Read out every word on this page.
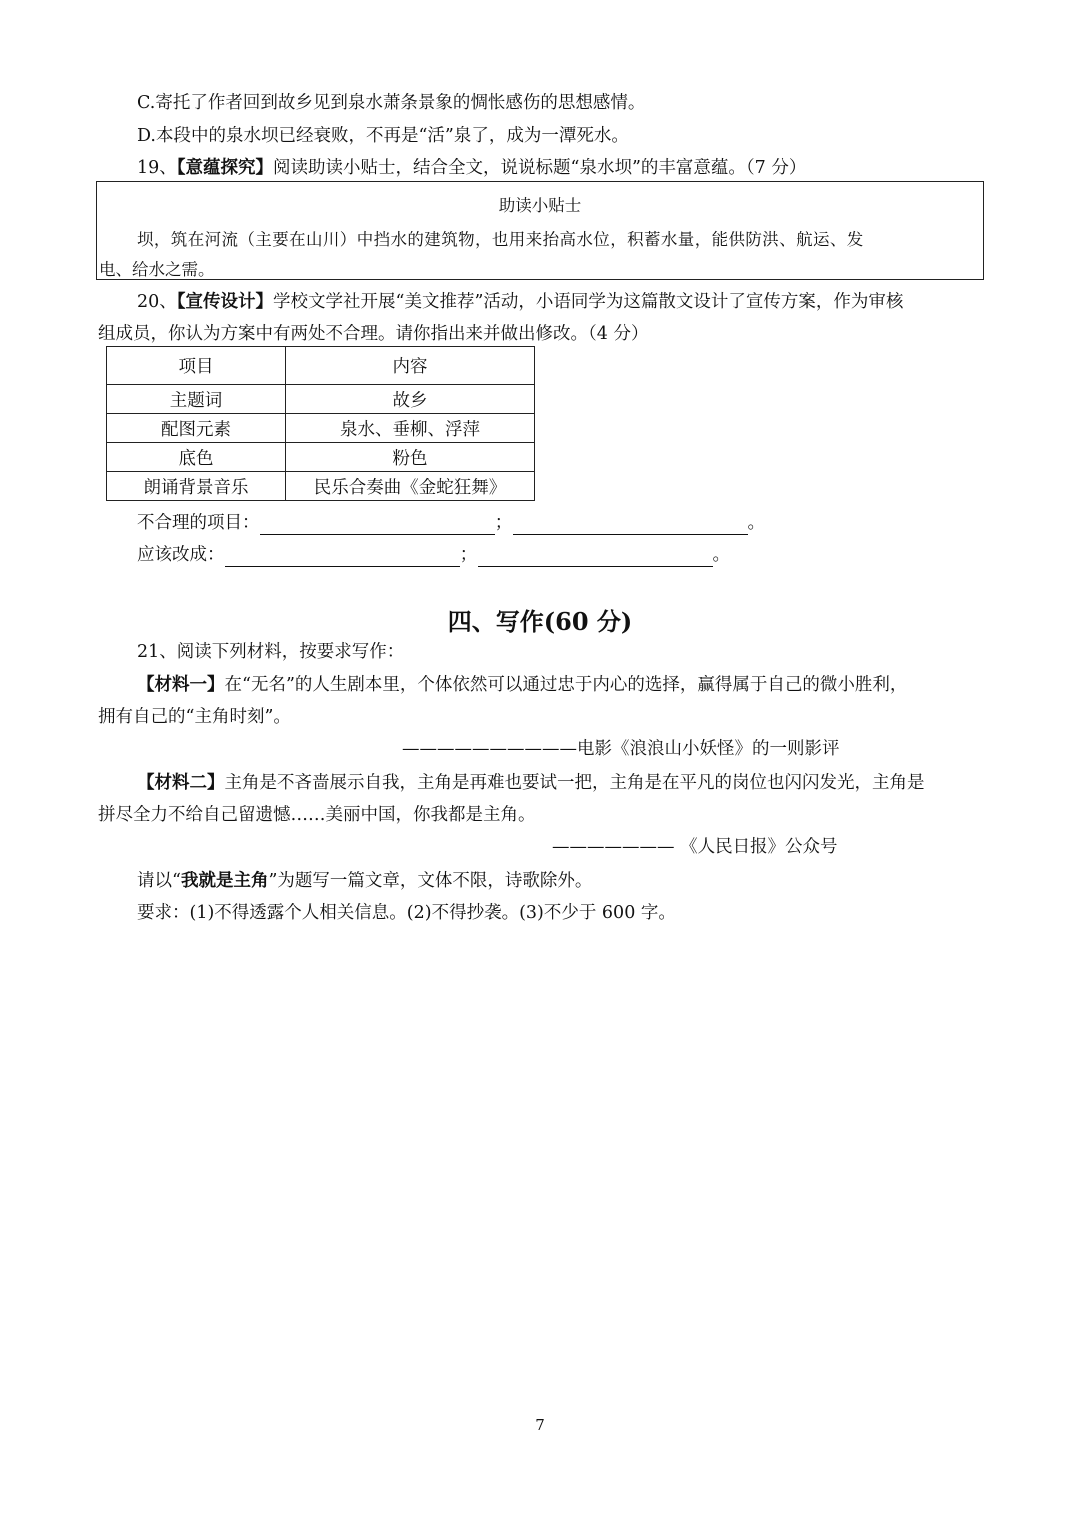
C.寄托了作者回到故乡见到泉水萧条景象的惆怅感伤的思想感情。
D.本段中的泉水坝已经衰败，不再是“活”泉了，成为一潭死水。
19、【意蕴探究】阅读助读小贴士，结合全文，说说标题“泉水坝”的丰富意蕴。（7 分）
助读小贴士
坝，筑在河流（主要在山川）中挡水的建筑物，也用来抬高水位，积蓄水量，能供防洪、航运、发
电、给水之需。
20、【宣传设计】学校文学社开展“美文推荐”活动，小语同学为这篇散文设计了宣传方案，作为审核
组成员，你认为方案中有两处不合理。请你指出来并做出修改。（4 分）
项目	内容
主题词	故乡
配图元素	泉水、垂柳、浮萍
底色	粉色
朗诵背景音乐	民乐合奏曲《金蛇狂舞》
不合理的项目：	；	。
应该改成：	；	。
四、写作(60 分)
21、阅读下列材料，按要求写作：
【材料一】在“无名”的人生剧本里，个体依然可以通过忠于内心的选择，赢得属于自己的微小胜利，
拥有自己的“主角时刻”。
——————————电影《浪浪山小妖怪》的一则影评
【材料二】主角是不吝啬展示自我，主角是再难也要试一把，主角是在平凡的岗位也闪闪发光，主角是
拼尽全力不给自己留遗憾……美丽中国，你我都是主角。
——————— 《人民日报》公众号
请以“我就是主角”为题写一篇文章，文体不限，诗歌除外。
要求：(1)不得透露个人相关信息。(2)不得抄袭。(3)不少于 600 字。
7
